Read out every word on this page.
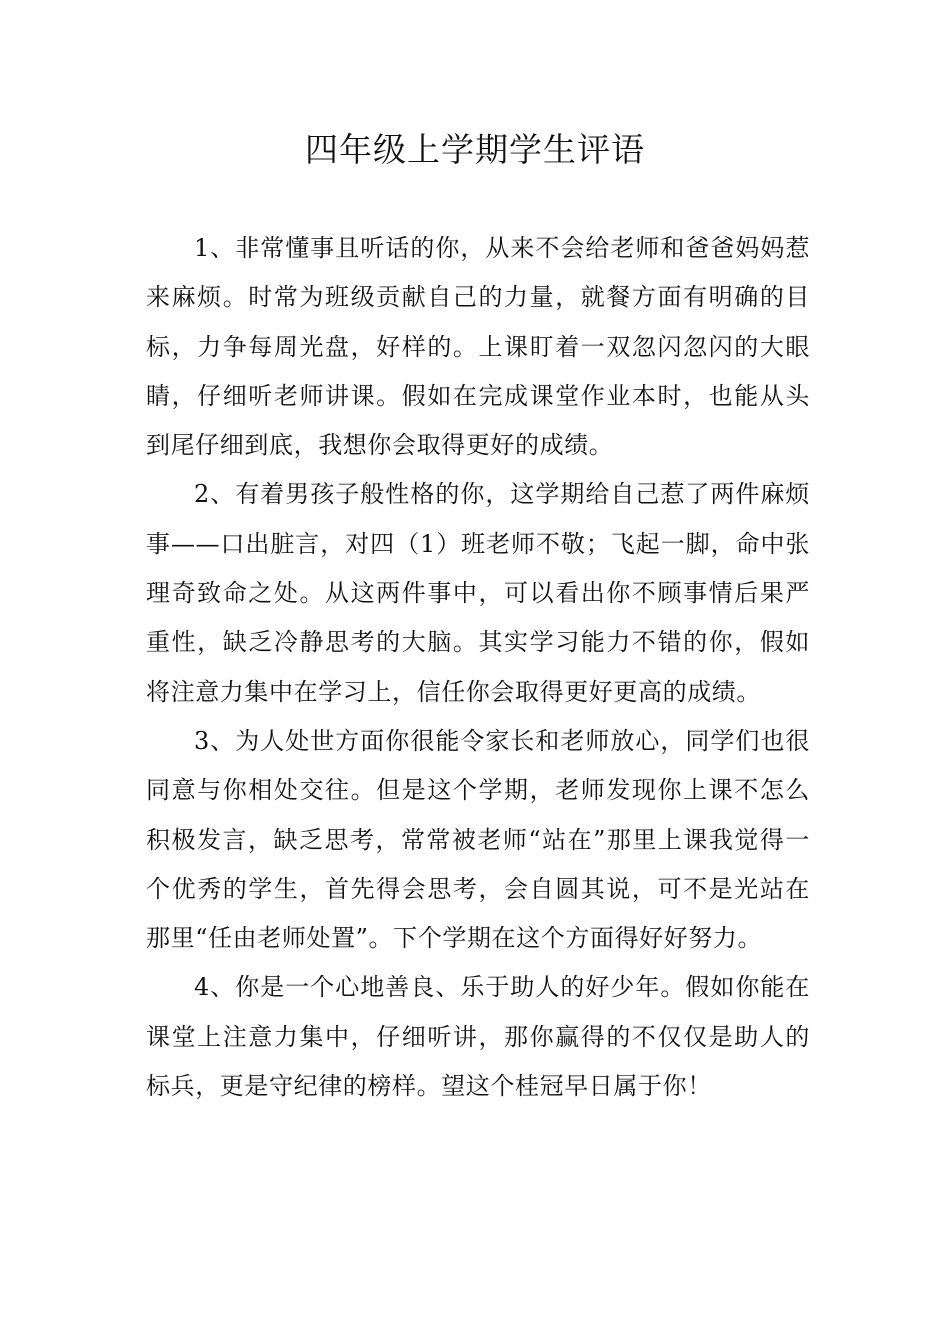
四年级上学期学生评语

1、非常懂事且听话的你，从来不会给老师和爸爸妈妈惹来麻烦。时常为班级贡献自己的力量，就餐方面有明确的目标，力争每周光盘，好样的。上课盯着一双忽闪忽闪的大眼睛，仔细听老师讲课。假如在完成课堂作业本时，也能从头到尾仔细到底，我想你会取得更好的成绩。

2、有着男孩子般性格的你，这学期给自己惹了两件麻烦事——口出脏言，对四（1）班老师不敬；飞起一脚，命中张理奇致命之处。从这两件事中，可以看出你不顾事情后果严重性，缺乏冷静思考的大脑。其实学习能力不错的你，假如将注意力集中在学习上，信任你会取得更好更高的成绩。

3、为人处世方面你很能令家长和老师放心，同学们也很同意与你相处交往。但是这个学期，老师发现你上课不怎么积极发言，缺乏思考，常常被老师“站在”那里上课我觉得一个优秀的学生，首先得会思考，会自圆其说，可不是光站在那里“任由老师处置”。下个学期在这个方面得好好努力。

4、你是一个心地善良、乐于助人的好少年。假如你能在课堂上注意力集中，仔细听讲，那你赢得的不仅仅是助人的标兵，更是守纪律的榜样。望这个桂冠早日属于你！
